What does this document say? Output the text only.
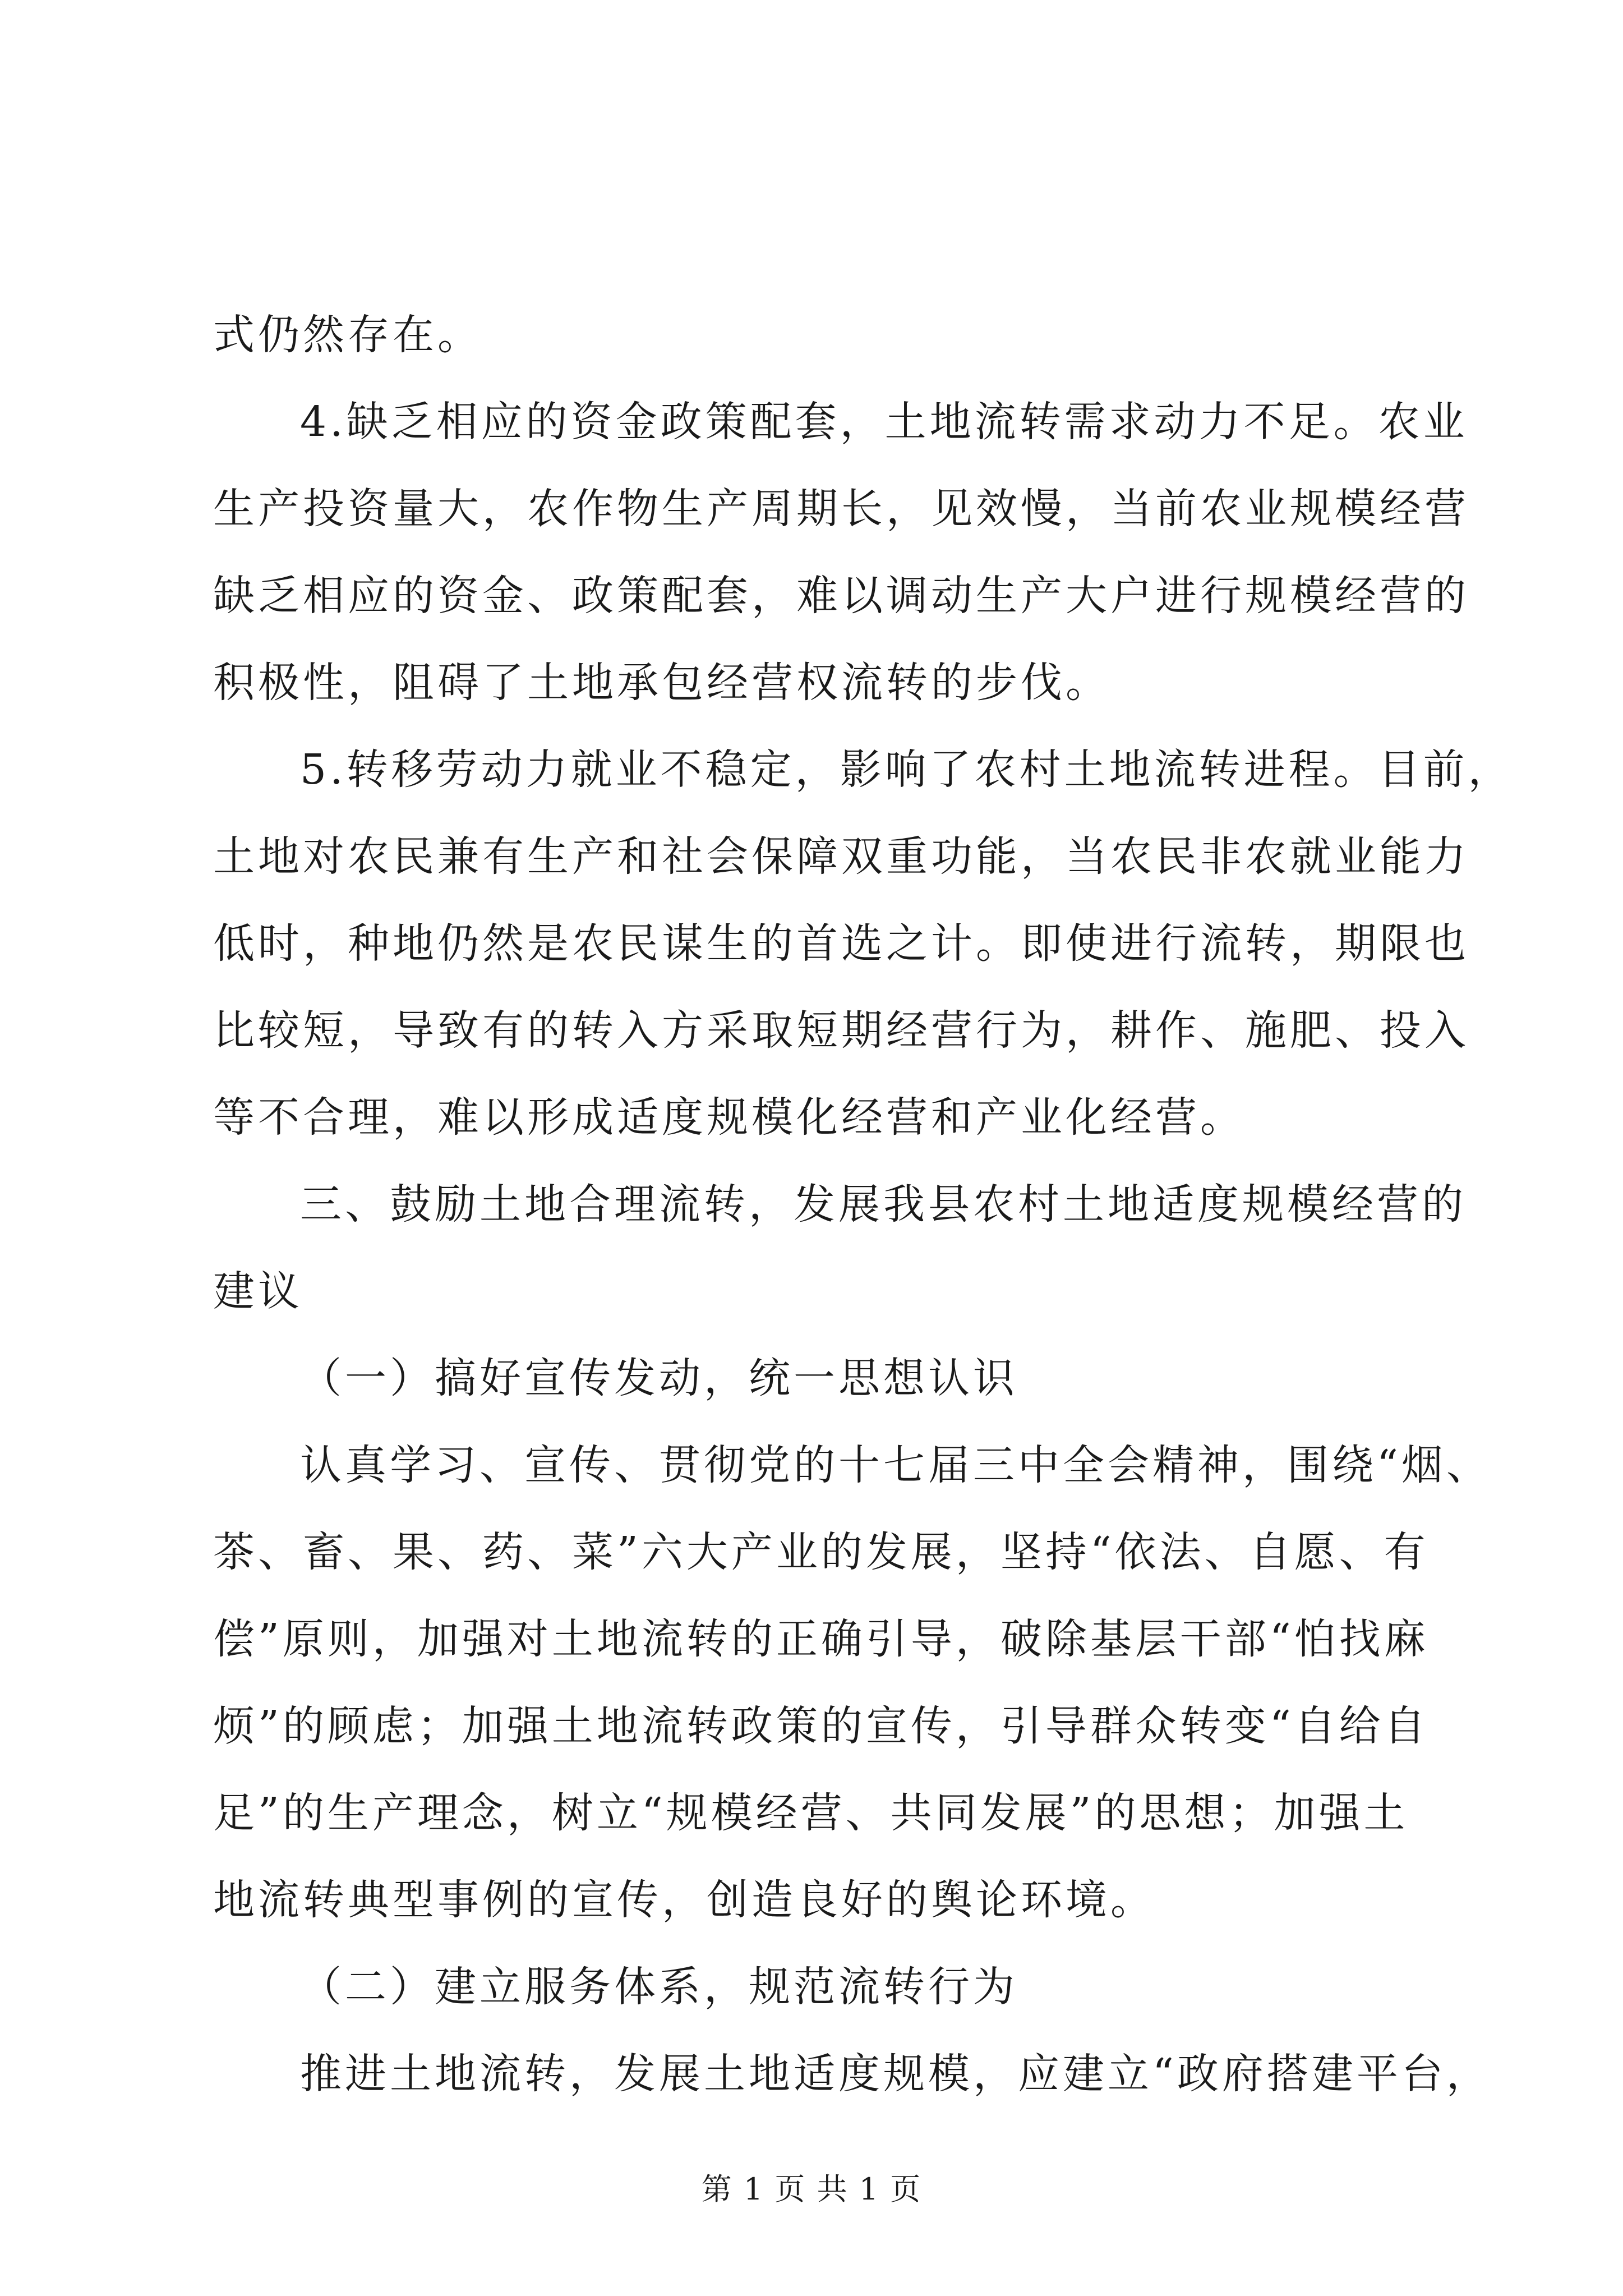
式仍然存在。
4.缺乏相应的资金政策配套，土地流转需求动力不足。农业
生产投资量大，农作物生产周期长，见效慢，当前农业规模经营
缺乏相应的资金、政策配套，难以调动生产大户进行规模经营的
积极性，阻碍了土地承包经营权流转的步伐。
5.转移劳动力就业不稳定，影响了农村土地流转进程。目前，
土地对农民兼有生产和社会保障双重功能，当农民非农就业能力
低时，种地仍然是农民谋生的首选之计。即使进行流转，期限也
比较短，导致有的转入方采取短期经营行为，耕作、施肥、投入
等不合理，难以形成适度规模化经营和产业化经营。
三、鼓励土地合理流转，发展我县农村土地适度规模经营的
建议
（一）搞好宣传发动，统一思想认识
认真学习、宣传、贯彻党的十七届三中全会精神，围绕“烟、
茶、畜、果、药、菜”六大产业的发展，坚持“依法、自愿、有
偿”原则，加强对土地流转的正确引导，破除基层干部“怕找麻
烦”的顾虑；加强土地流转政策的宣传，引导群众转变“自给自
足”的生产理念，树立“规模经营、共同发展”的思想；加强土
地流转典型事例的宣传，创造良好的舆论环境。
（二）建立服务体系，规范流转行为
推进土地流转，发展土地适度规模，应建立“政府搭建平台，
第 1 页 共 1 页
